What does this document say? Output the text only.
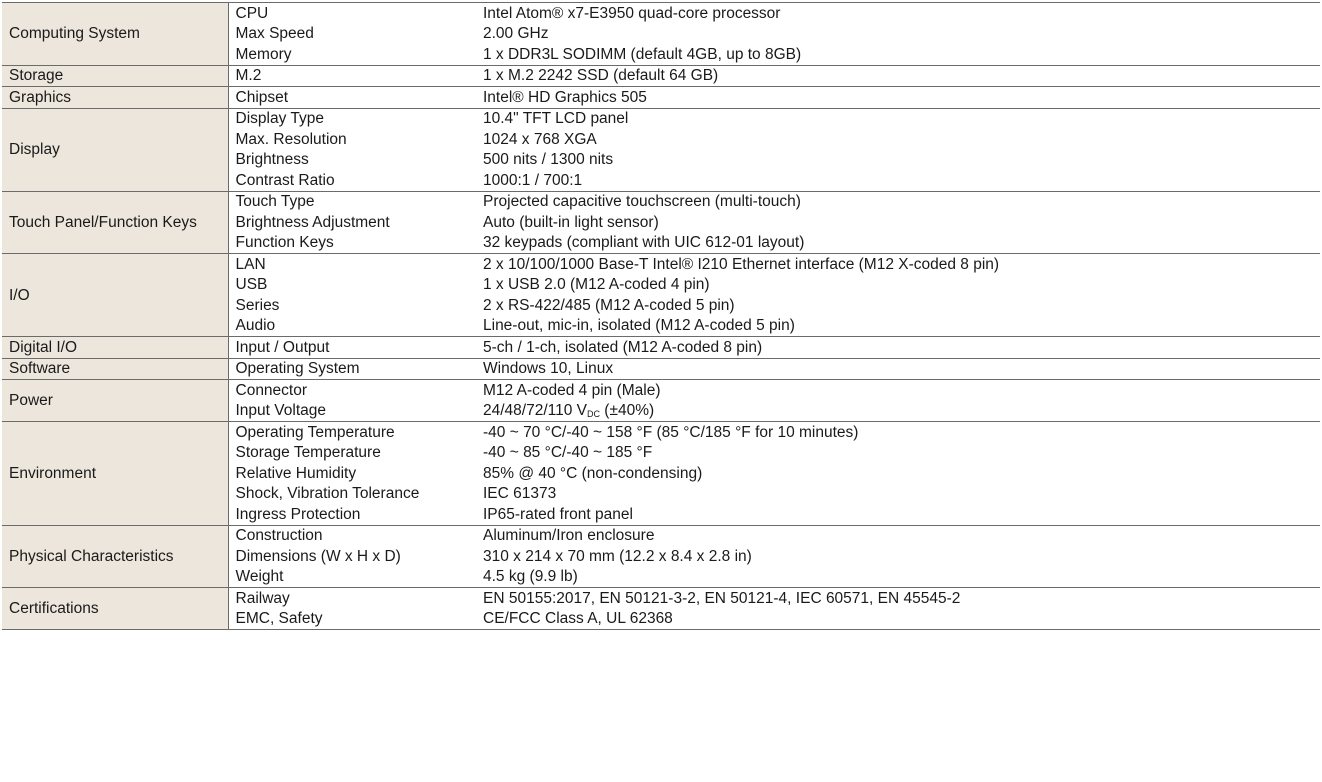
Computing System	CPU	Intel Atom® x7-E3950 quad-core processor
	Max Speed	2.00 GHz
	Memory	1 x DDR3L SODIMM (default 4GB, up to 8GB)
Storage	M.2	1 x M.2 2242 SSD (default 64 GB)
Graphics	Chipset	Intel® HD Graphics 505
Display	Display Type	10.4" TFT LCD panel
	Max. Resolution	1024 x 768 XGA
	Brightness	500 nits / 1300 nits
	Contrast Ratio	1000:1 / 700:1
Touch Panel/Function Keys	Touch Type	Projected capacitive touchscreen (multi-touch)
	Brightness Adjustment	Auto (built-in light sensor)
	Function Keys	32 keypads (compliant with UIC 612-01 layout)
I/O	LAN	2 x 10/100/1000 Base-T Intel® I210 Ethernet interface (M12 X-coded 8 pin)
	USB	1 x USB 2.0 (M12 A-coded 4 pin)
	Series	2 x RS-422/485 (M12 A-coded 5 pin)
	Audio	Line-out, mic-in, isolated (M12 A-coded 5 pin)
Digital I/O	Input / Output	5-ch / 1-ch, isolated (M12 A-coded 8 pin)
Software	Operating System	Windows 10, Linux
Power	Connector	M12 A-coded 4 pin (Male)
	Input Voltage	24/48/72/110 $V_{DC}$ (±40%)
Environment	Operating Temperature	-40 ~ 70 °C/-40 ~ 158 °F (85 °C/185 °F for 10 minutes)
	Storage Temperature	-40 ~ 85 °C/-40 ~ 185 °F
	Relative Humidity	85% @ 40 °C (non-condensing)
	Shock, Vibration Tolerance	IEC 61373
	Ingress Protection	IP65-rated front panel
Physical Characteristics	Construction	Aluminum/Iron enclosure
	Dimensions (W x H x D)	310 x 214 x 70 mm (12.2 x 8.4 x 2.8 in)
	Weight	4.5 kg (9.9 lb)
Certifications	Railway	EN 50155:2017, EN 50121-3-2, EN 50121-4, IEC 60571, EN 45545-2
	EMC, Safety	CE/FCC Class A, UL 62368
